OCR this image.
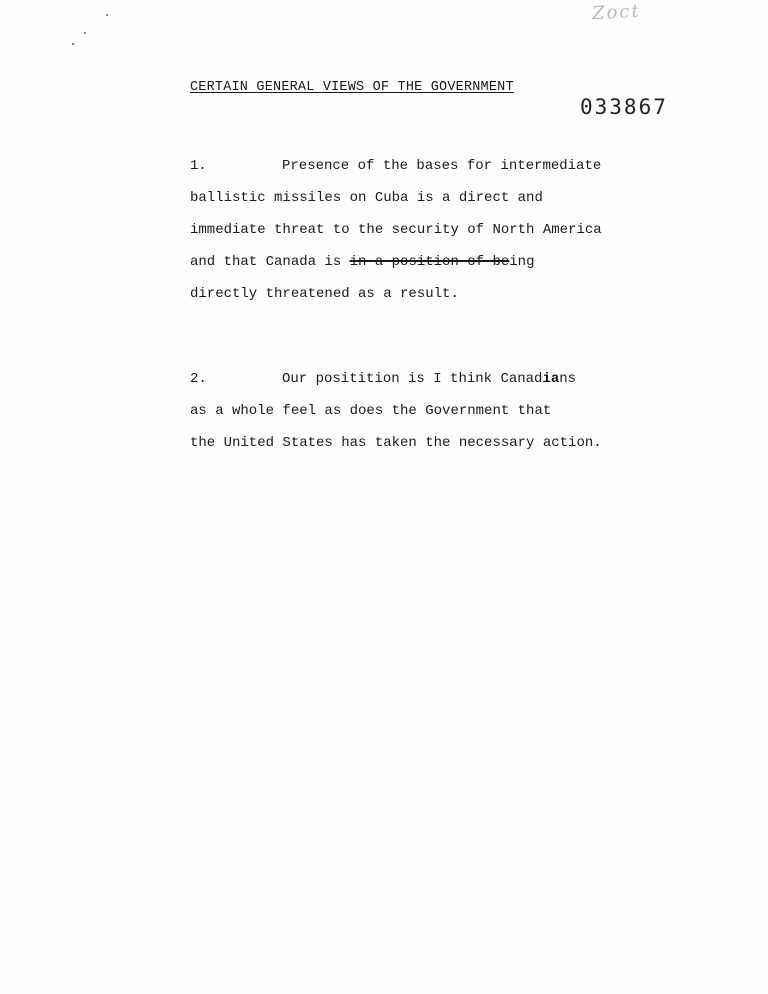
Zoct
CERTAIN GENERAL VIEWS OF THE GOVERNMENT
033867
1.	Presence of the bases for intermediate
ballistic missiles on Cuba is a direct and
immediate threat to the security of North America
and that Canada is in a position of being
directly threatened as a result.
2.	Our positition is I think Canadians
as a whole feel as does the Government that
the United States has taken the necessary action.
